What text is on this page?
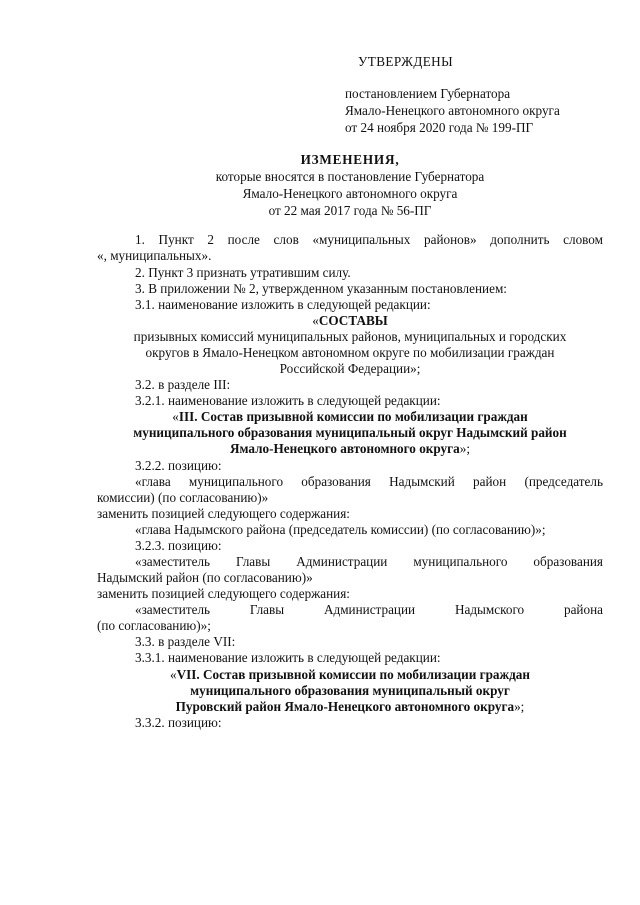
УТВЕРЖДЕНЫ
постановлением Губернатора
Ямало-Ненецкого автономного округа
от 24 ноября 2020 года № 199-ПГ
ИЗМЕНЕНИЯ,
которые вносятся в постановление Губернатора
Ямало-Ненецкого автономного округа
от 22 мая 2017 года № 56-ПГ
1. Пункт 2 после слов «муниципальных районов» дополнить словом
«, муниципальных».
2. Пункт 3 признать утратившим силу.
3. В приложении № 2, утвержденном указанным постановлением:
3.1. наименование изложить в следующей редакции:
«СОСТАВЫ
призывных комиссий муниципальных районов, муниципальных и городских
округов в Ямало-Ненецком автономном округе по мобилизации граждан
Российской Федерации»;
3.2. в разделе III:
3.2.1. наименование изложить в следующей редакции:
«III. Состав призывной комиссии по мобилизации граждан
муниципального образования муниципальный округ Надымский район
Ямало-Ненецкого автономного округа»;
3.2.2. позицию:
«глава муниципального образования Надымский район (председатель
комиссии) (по согласованию)»
заменить позицией следующего содержания:
«глава Надымского района (председатель комиссии) (по согласованию)»;
3.2.3. позицию:
«заместитель Главы Администрации муниципального образования
Надымский район (по согласованию)»
заменить позицией следующего содержания:
«заместитель Главы Администрации Надымского района
(по согласованию)»;
3.3. в разделе VII:
3.3.1. наименование изложить в следующей редакции:
«VII. Состав призывной комиссии по мобилизации граждан
муниципального образования муниципальный округ
Пуровский район Ямало-Ненецкого автономного округа»;
3.3.2. позицию:
